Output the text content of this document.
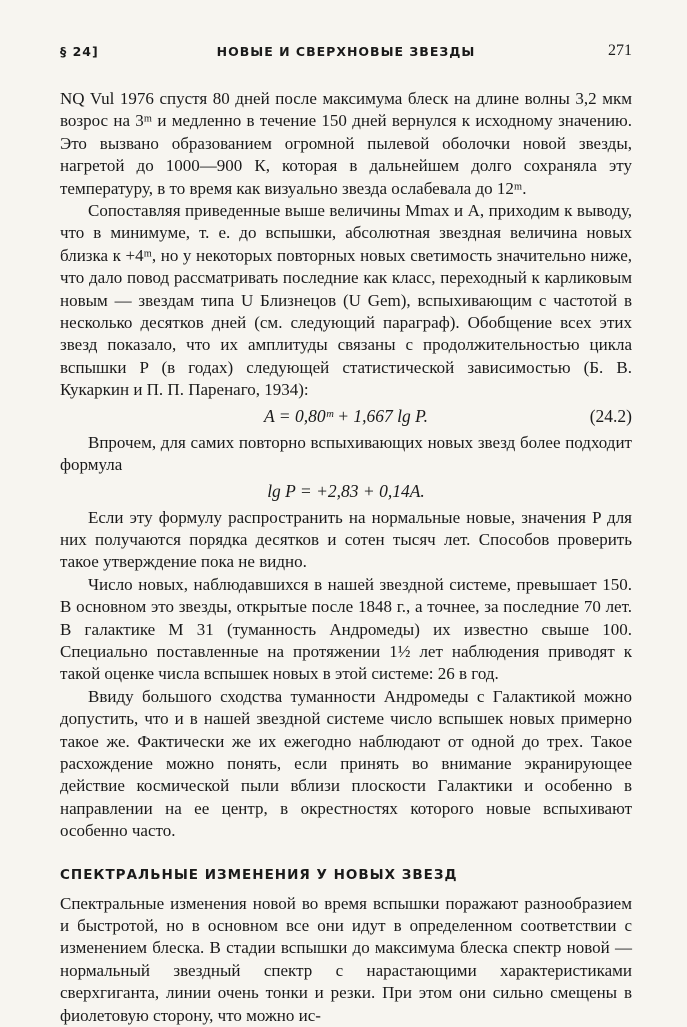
§ 24]	НОВЫЕ И СВЕРХНОВЫЕ ЗВЕЗДЫ	271

NQ Vul 1976 спустя 80 дней после максимума блеск на длине волны 3,2 мкм возрос на 3ᵐ и медленно в течение 150 дней вернулся к исходному значению. Это вызвано образованием огромной пылевой оболочки новой звезды, нагретой до 1000—900 К, которая в дальнейшем долго сохраняла эту температуру, в то время как визуально звезда ослабевала до 12ᵐ.

Сопоставляя приведенные выше величины Mmax и A, приходим к выводу, что в минимуме, т. е. до вспышки, абсолютная звездная величина новых близка к +4ᵐ, но у некоторых повторных новых светимость значительно ниже, что дало повод рассматривать последние как класс, переходный к карликовым новым — звездам типа U Близнецов (U Gem), вспыхивающим с частотой в несколько десятков дней (см. следующий параграф). Обобщение всех этих звезд показало, что их амплитуды связаны с продолжительностью цикла вспышки P (в годах) следующей статистической зависимостью (Б. В. Кукаркин и П. П. Паренаго, 1934):

A = 0,80ᵐ + 1,667 lg P.	(24.2)

Впрочем, для самих повторно вспыхивающих новых звезд более подходит формула

lg P = +2,83 + 0,14A.

Если эту формулу распространить на нормальные новые, значения P для них получаются порядка десятков и сотен тысяч лет. Способов проверить такое утверждение пока не видно.

Число новых, наблюдавшихся в нашей звездной системе, превышает 150. В основном это звезды, открытые после 1848 г., а точнее, за последние 70 лет. В галактике М 31 (туманность Андромеды) их известно свыше 100. Специально поставленные на протяжении 1½ лет наблюдения приводят к такой оценке числа вспышек новых в этой системе: 26 в год.

Ввиду большого сходства туманности Андромеды с Галактикой можно допустить, что и в нашей звездной системе число вспышек новых примерно такое же. Фактически же их ежегодно наблюдают от одной до трех. Такое расхождение можно понять, если принять во внимание экранирующее действие космической пыли вблизи плоскости Галактики и особенно в направлении на ее центр, в окрестностях которого новые вспыхивают особенно часто.

СПЕКТРАЛЬНЫЕ ИЗМЕНЕНИЯ У НОВЫХ ЗВЕЗД

Спектральные изменения новой во время вспышки поражают разнообразием и быстротой, но в основном все они идут в определенном соответствии с изменением блеска. В стадии вспышки до максимума блеска спектр новой — нормальный звездный спектр с нарастающими характеристиками сверхгиганта, линии очень тонки и резки. При этом они сильно смещены в фиолетовую сторону, что можно ис-
